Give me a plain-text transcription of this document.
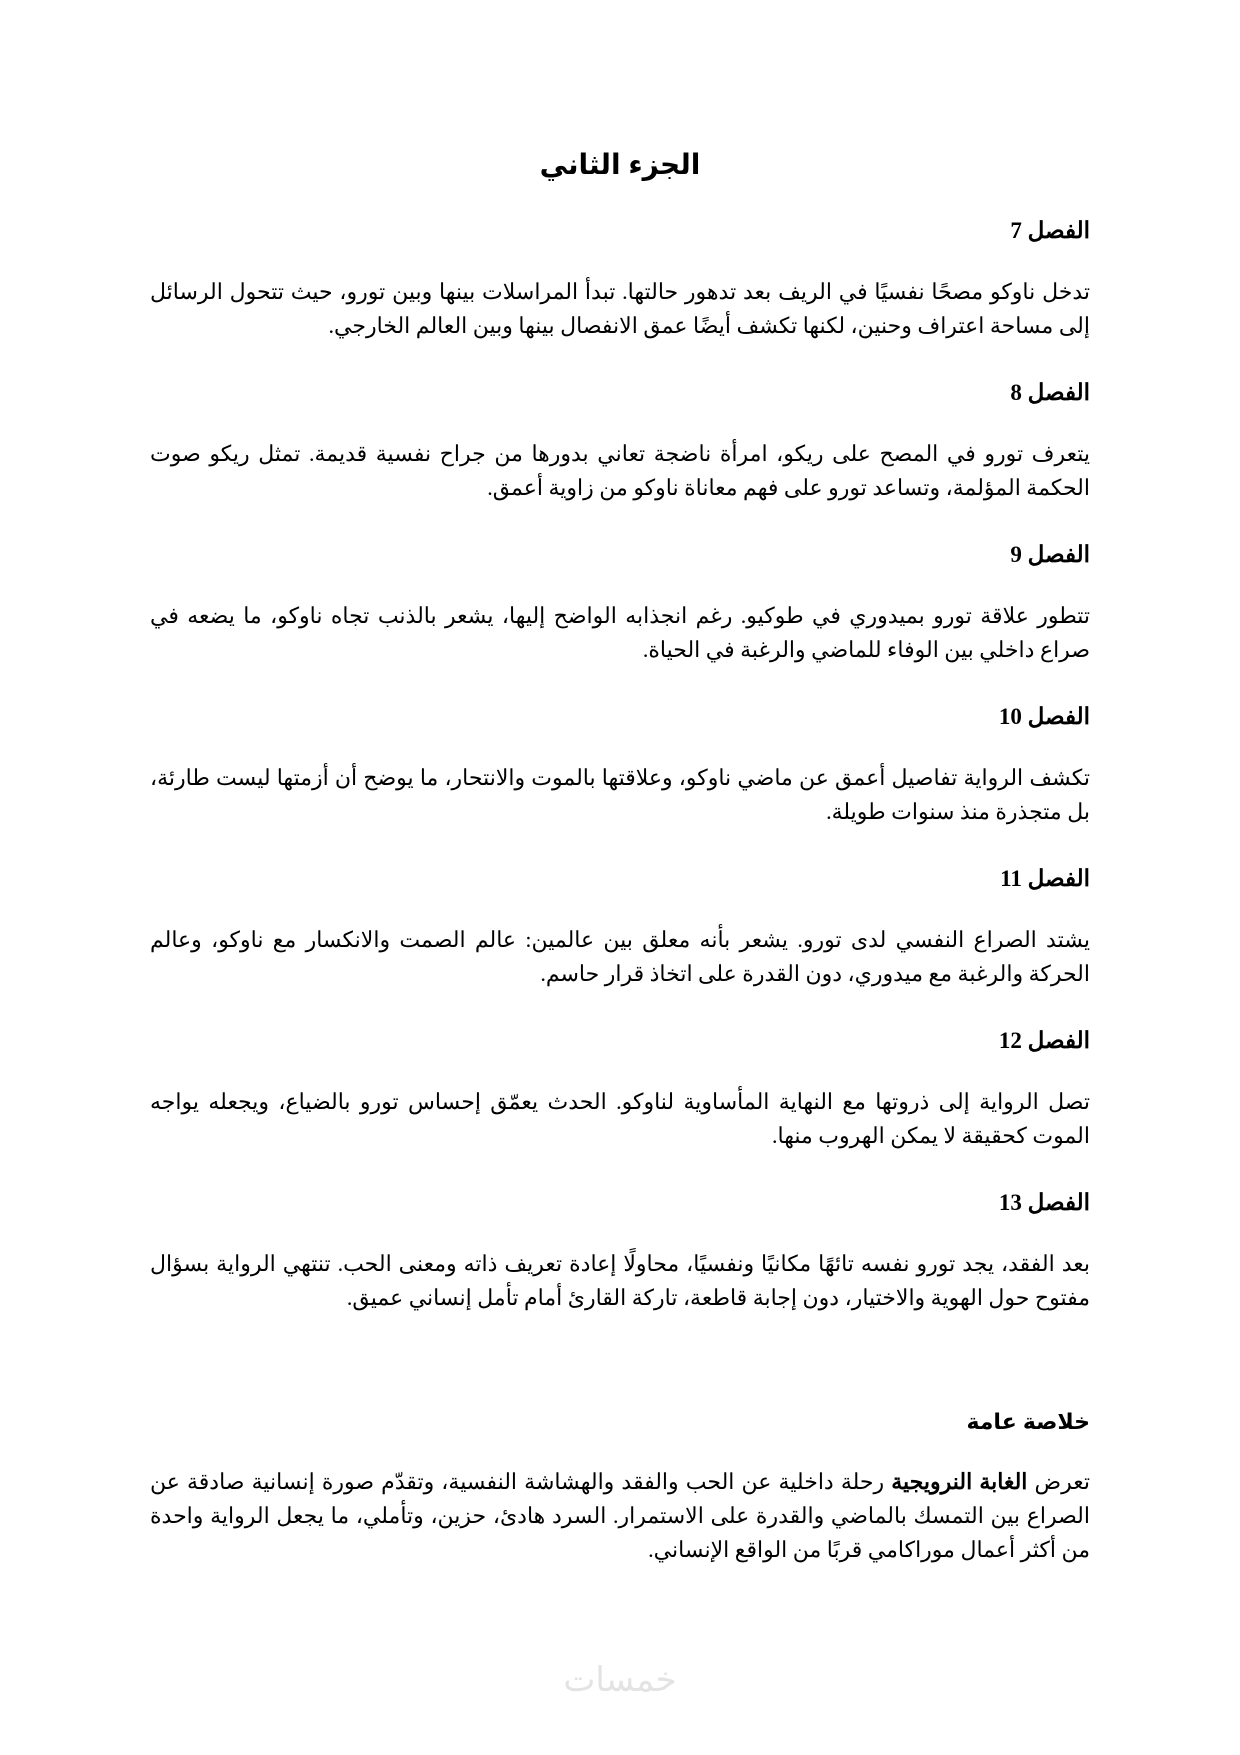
الجزء الثاني
الفصل 7

تدخل ناوكو مصحًا نفسيًا في الريف بعد تدهور حالتها. تبدأ المراسلات بينها وبين تورو، حيث تتحول الرسائل إلى مساحة اعتراف وحنين، لكنها تكشف أيضًا عمق الانفصال بينها وبين العالم الخارجي.

الفصل 8

يتعرف تورو في المصح على ريكو، امرأة ناضجة تعاني بدورها من جراح نفسية قديمة. تمثل ريكو صوت الحكمة المؤلمة، وتساعد تورو على فهم معاناة ناوكو من زاوية أعمق.

الفصل 9

تتطور علاقة تورو بميدوري في طوكيو. رغم انجذابه الواضح إليها، يشعر بالذنب تجاه ناوكو، ما يضعه في صراع داخلي بين الوفاء للماضي والرغبة في الحياة.

الفصل 10

تكشف الرواية تفاصيل أعمق عن ماضي ناوكو، وعلاقتها بالموت والانتحار، ما يوضح أن أزمتها ليست طارئة، بل متجذرة منذ سنوات طويلة.

الفصل 11

يشتد الصراع النفسي لدى تورو. يشعر بأنه معلق بين عالمين: عالم الصمت والانكسار مع ناوكو، وعالم الحركة والرغبة مع ميدوري، دون القدرة على اتخاذ قرار حاسم.

الفصل 12

تصل الرواية إلى ذروتها مع النهاية المأساوية لناوكو. الحدث يعمّق إحساس تورو بالضياع، ويجعله يواجه الموت كحقيقة لا يمكن الهروب منها.

الفصل 13

بعد الفقد، يجد تورو نفسه تائهًا مكانيًا ونفسيًا، محاولًا إعادة تعريف ذاته ومعنى الحب. تنتهي الرواية بسؤال مفتوح حول الهوية والاختيار، دون إجابة قاطعة، تاركة القارئ أمام تأمل إنساني عميق.

خلاصة عامة

تعرض الغابة النرويجية رحلة داخلية عن الحب والفقد والهشاشة النفسية، وتقدّم صورة إنسانية صادقة عن الصراع بين التمسك بالماضي والقدرة على الاستمرار. السرد هادئ، حزين، وتأملي، ما يجعل الرواية واحدة من أكثر أعمال موراكامي قربًا من الواقع الإنساني.

خمسات
